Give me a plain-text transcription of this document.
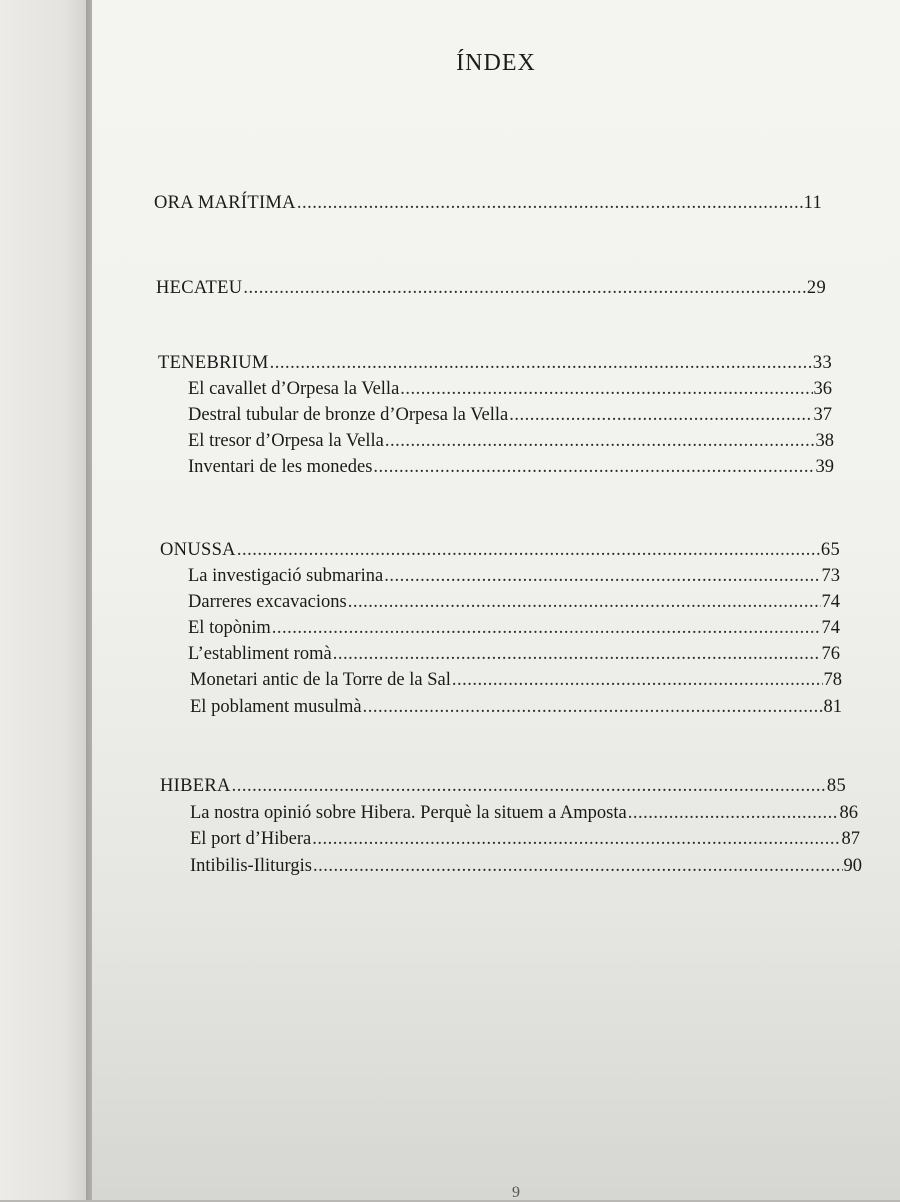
ÍNDEX
ORA MARÍTIMA .....	11
HECATEU .....	29
TENEBRIUM .....	33
El cavallet d’Orpesa la Vella .....	36
Destral tubular de bronze d’Orpesa la Vella .....	37
El tresor d’Orpesa la Vella .....	38
Inventari de les monedes .....	39
ONUSSA .....	65
La investigació submarina .....	73
Darreres excavacions .....	74
El topònim .....	74
L’establiment romà .....	76
Monetari antic de la Torre de la Sal .....	78
El poblament musulmà .....	81
HIBERA .....	85
La nostra opinió sobre Hibera. Perquè la situem a Amposta .....	86
El port d’Hibera .....	87
Intibilis-Iliturgis .....	90
9
